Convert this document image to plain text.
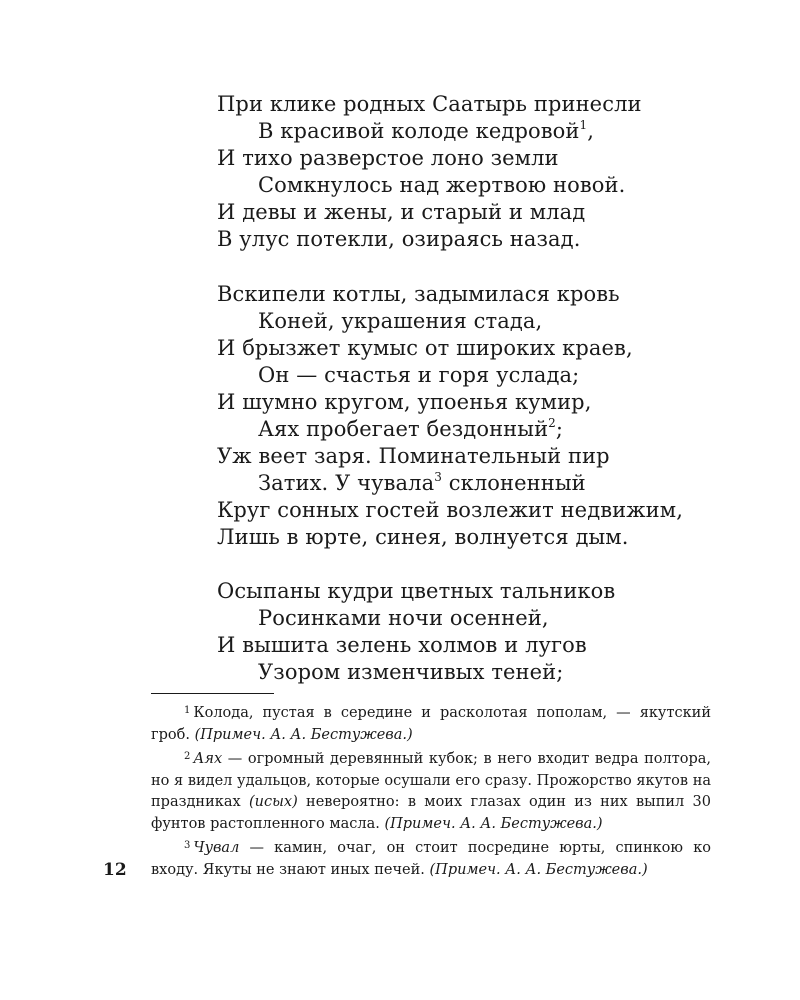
При клике родных Саатырь принесли
В красивой колоде кедровой$^1$,
И тихо разверстое лоно земли
Сомкнулось над жертвою новой.
И девы и жены, и старый и млад
В улус потекли, озираясь назад.
Вскипели котлы, задымилася кровь
Коней, украшения стада,
И брызжет кумыс от широких краев,
Он — счастья и горя услада;
И шумно кругом, упоенья кумир,
Аях пробегает бездонный$^2$;
Уж веет заря. Поминательный пир
Затих. У чувала$^3$ склоненный
Круг сонных гостей возлежит недвижим,
Лишь в юрте, синея, волнуется дым.
Осыпаны кудри цветных тальников
Росинками ночи осенней,
И вышита зелень холмов и лугов
Узором изменчивых теней;

$^1$ Колода, пустая в середине и расколотая пополам, — якутский гроб. (Примеч. А. А. Бестужева.)

$^2$ Аях — огромный деревянный кубок; в него входит ведра полтора, но я видел удальцов, которые осушали его сразу. Прожорство якутов на праздниках (исых) невероятно: в моих глазах один из них выпил 30 фунтов растопленного масла. (Примеч. А. А. Бестужева.)

$^3$ Чувал — камин, очаг, он стоит посредине юрты, спинкою ко входу. Якуты не знают иных печей. (Примеч. А. А. Бестужева.)

12
